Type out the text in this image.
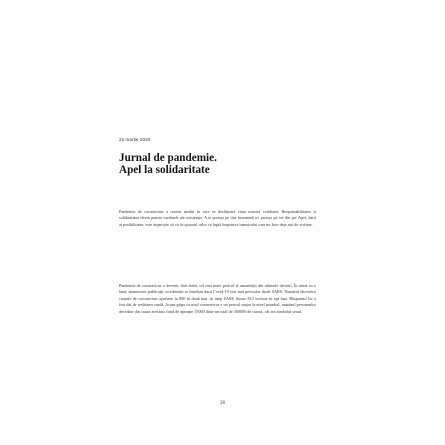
22 martie 2020
Jurnal de pandemie.
Apel la solidaritate

Pandemia de coronavirus a resetat modul în care se desfășoară viața noastră cotidiană. Responsabilitatea și solidaritatea devin puncte cardinale ale existenței. A te proteja pe tine înseamnă a-i proteja pe cei din jur. Apel, dacă ai posibilitatea, este imperativ să vii în ajutorul celor ce luptă împotriva inamicului care nu face deja mii de victime.

Pandemia de coronavirus a devenit, fără dubii, cel mai mare pericol al umanității din ultimele decenii. În urmă cu o lună, numeroase publicații occidentale se întrebau dacă Covid-19 este mai periculos decât SARS. Numărul deceselor cauzate de coronavirus ajunsese la 800 în două luni, în timp SARS făcuse 813 victime în opt luni. Răspunsul lor a fost dat de realitatea crudă. Acum gripa cu noul coronavirus e un pericol major la nivel mondial, numărul persoanelor decedate din cauza acestuia fiind de aproape 15000 dintr-un total de 300000 de cazuri, cât era simbolul sexul.

28
